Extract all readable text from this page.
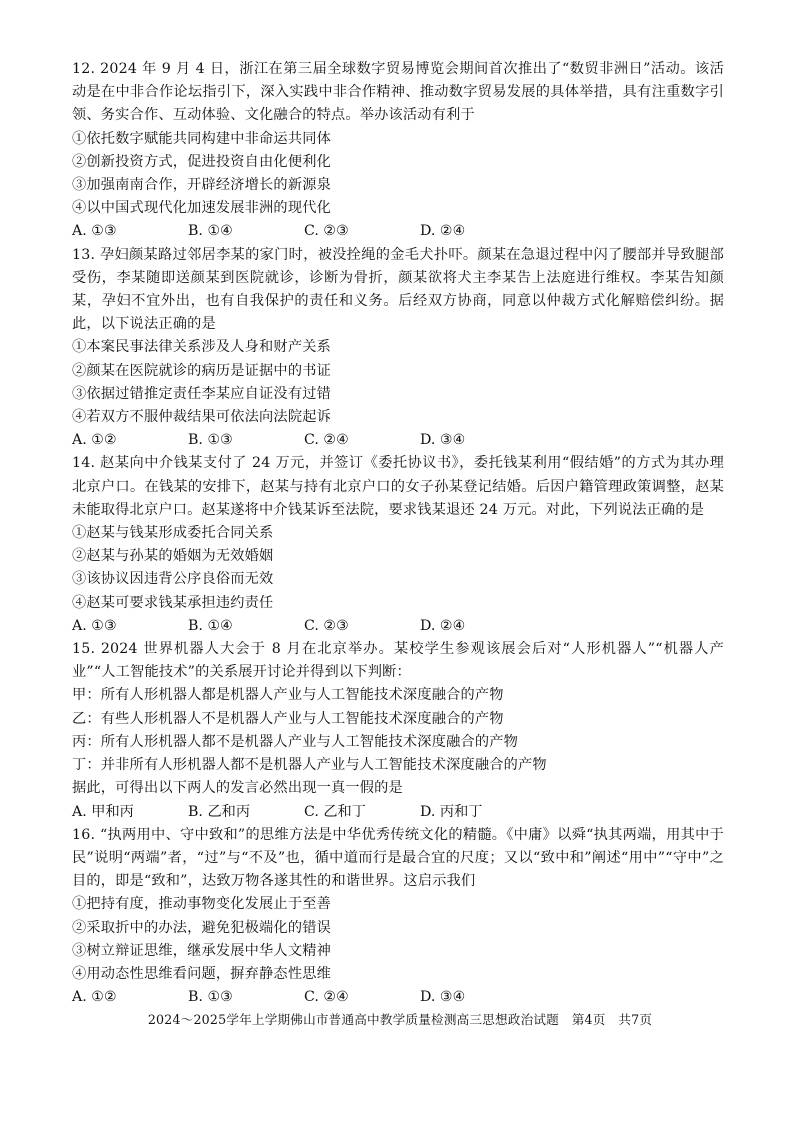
12. 2024 年 9 月 4 日，浙江在第三届全球数字贸易博览会期间首次推出了“数贸非洲日”活动。该活动是在中非合作论坛指引下，深入实践中非合作精神、推动数字贸易发展的具体举措，具有注重数字引领、务实合作、互动体验、文化融合的特点。举办该活动有利于

①依托数字赋能共同构建中非命运共同体

②创新投资方式，促进投资自由化便利化

③加强南南合作，开辟经济增长的新源泉

④以中国式现代化加速发展非洲的现代化

A. ①③	B. ①④	C. ②③	D. ②④

13. 孕妇颜某路过邻居李某的家门时，被没拴绳的金毛犬扑吓。颜某在急退过程中闪了腰部并导致腿部受伤，李某随即送颜某到医院就诊，诊断为骨折，颜某欲将犬主李某告上法庭进行维权。李某告知颜某，孕妇不宜外出，也有自我保护的责任和义务。后经双方协商，同意以仲裁方式化解赔偿纠纷。据此，以下说法正确的是

①本案民事法律关系涉及人身和财产关系

②颜某在医院就诊的病历是证据中的书证

③依据过错推定责任李某应自证没有过错

④若双方不服仲裁结果可依法向法院起诉

A. ①②	B. ①③	C. ②④	D. ③④

14. 赵某向中介钱某支付了 24 万元，并签订《委托协议书》，委托钱某利用“假结婚”的方式为其办理北京户口。在钱某的安排下，赵某与持有北京户口的女子孙某登记结婚。后因户籍管理政策调整，赵某未能取得北京户口。赵某遂将中介钱某诉至法院，要求钱某退还 24 万元。对此，下列说法正确的是

①赵某与钱某形成委托合同关系

②赵某与孙某的婚姻为无效婚姻

③该协议因违背公序良俗而无效

④赵某可要求钱某承担违约责任

A. ①③	B. ①④	C. ②③	D. ②④

15. 2024 世界机器人大会于 8 月在北京举办。某校学生参观该展会后对“人形机器人”“机器人产业”“人工智能技术”的关系展开讨论并得到以下判断：

甲：所有人形机器人都是机器人产业与人工智能技术深度融合的产物

乙：有些人形机器人不是机器人产业与人工智能技术深度融合的产物

丙：所有人形机器人都不是机器人产业与人工智能技术深度融合的产物

丁：并非所有人形机器人都不是机器人产业与人工智能技术深度融合的产物

据此，可得出以下两人的发言必然出现一真一假的是

A. 甲和丙	B. 乙和丙	C. 乙和丁	D. 丙和丁

16. “执两用中、守中致和”的思维方法是中华优秀传统文化的精髓。《中庸》以舜“执其两端，用其中于民”说明“两端”者，“过”与“不及”也，循中道而行是最合宜的尺度；又以“致中和”阐述“用中”“守中”之目的，即是“致和”，达致万物各遂其性的和谐世界。这启示我们

①把持有度，推动事物变化发展止于至善

②采取折中的办法，避免犯极端化的错误

③树立辩证思维，继承发展中华人文精神

④用动态性思维看问题，摒弃静态性思维

A. ①②	B. ①③	C. ②④	D. ③④
2024～2025学年上学期佛山市普通高中教学质量检测高三思想政治试题　第4页　共7页
